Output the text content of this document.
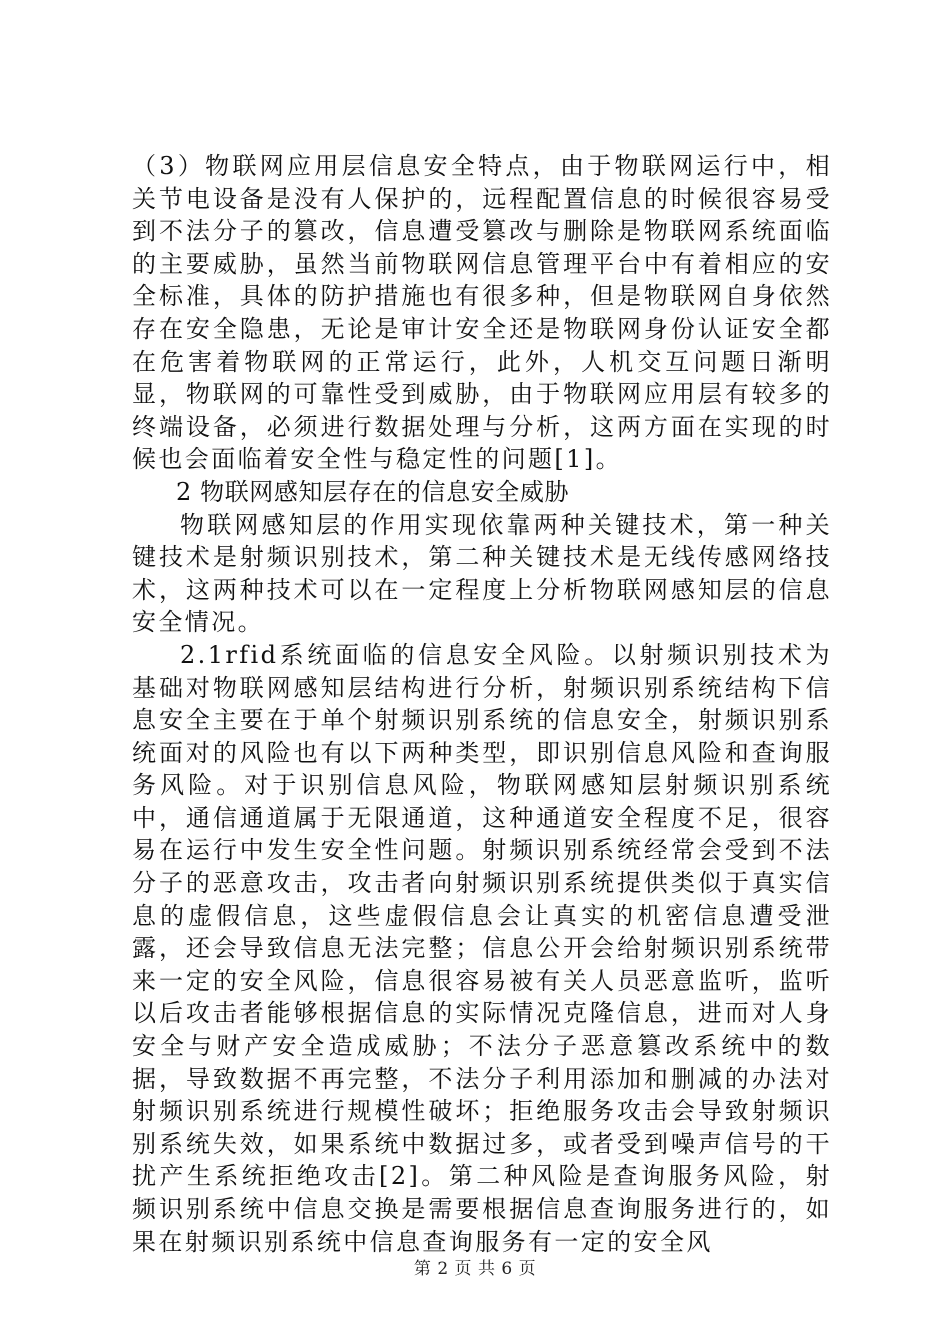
（3）物联网应用层信息安全特点，由于物联网运行中，相关节电设备是没有人保护的，远程配置信息的时候很容易受到不法分子的篡改，信息遭受篡改与删除是物联网系统面临的主要威胁，虽然当前物联网信息管理平台中有着相应的安全标准，具体的防护措施也有很多种，但是物联网自身依然存在安全隐患，无论是审计安全还是物联网身份认证安全都在危害着物联网的正常运行，此外，人机交互问题日渐明显，物联网的可靠性受到威胁，由于物联网应用层有较多的终端设备，必须进行数据处理与分析，这两方面在实现的时候也会面临着安全性与稳定性的问题[1]。

2 物联网感知层存在的信息安全威胁

物联网感知层的作用实现依靠两种关键技术，第一种关键技术是射频识别技术，第二种关键技术是无线传感网络技术，这两种技术可以在一定程度上分析物联网感知层的信息安全情况。

2.1rfid系统面临的信息安全风险。以射频识别技术为基础对物联网感知层结构进行分析，射频识别系统结构下信息安全主要在于单个射频识别系统的信息安全，射频识别系统面对的风险也有以下两种类型，即识别信息风险和查询服务风险。对于识别信息风险，物联网感知层射频识别系统中，通信通道属于无限通道，这种通道安全程度不足，很容易在运行中发生安全性问题。射频识别系统经常会受到不法分子的恶意攻击，攻击者向射频识别系统提供类似于真实信息的虚假信息，这些虚假信息会让真实的机密信息遭受泄露，还会导致信息无法完整；信息公开会给射频识别系统带来一定的安全风险，信息很容易被有关人员恶意监听，监听以后攻击者能够根据信息的实际情况克隆信息，进而对人身安全与财产安全造成威胁；不法分子恶意篡改系统中的数据，导致数据不再完整，不法分子利用添加和删减的办法对射频识别系统进行规模性破坏；拒绝服务攻击会导致射频识别系统失效，如果系统中数据过多，或者受到噪声信号的干扰产生系统拒绝攻击[2]。第二种风险是查询服务风险，射频识别系统中信息交换是需要根据信息查询服务进行的，如果在射频识别系统中信息查询服务有一定的安全风

第 2 页 共 6 页
